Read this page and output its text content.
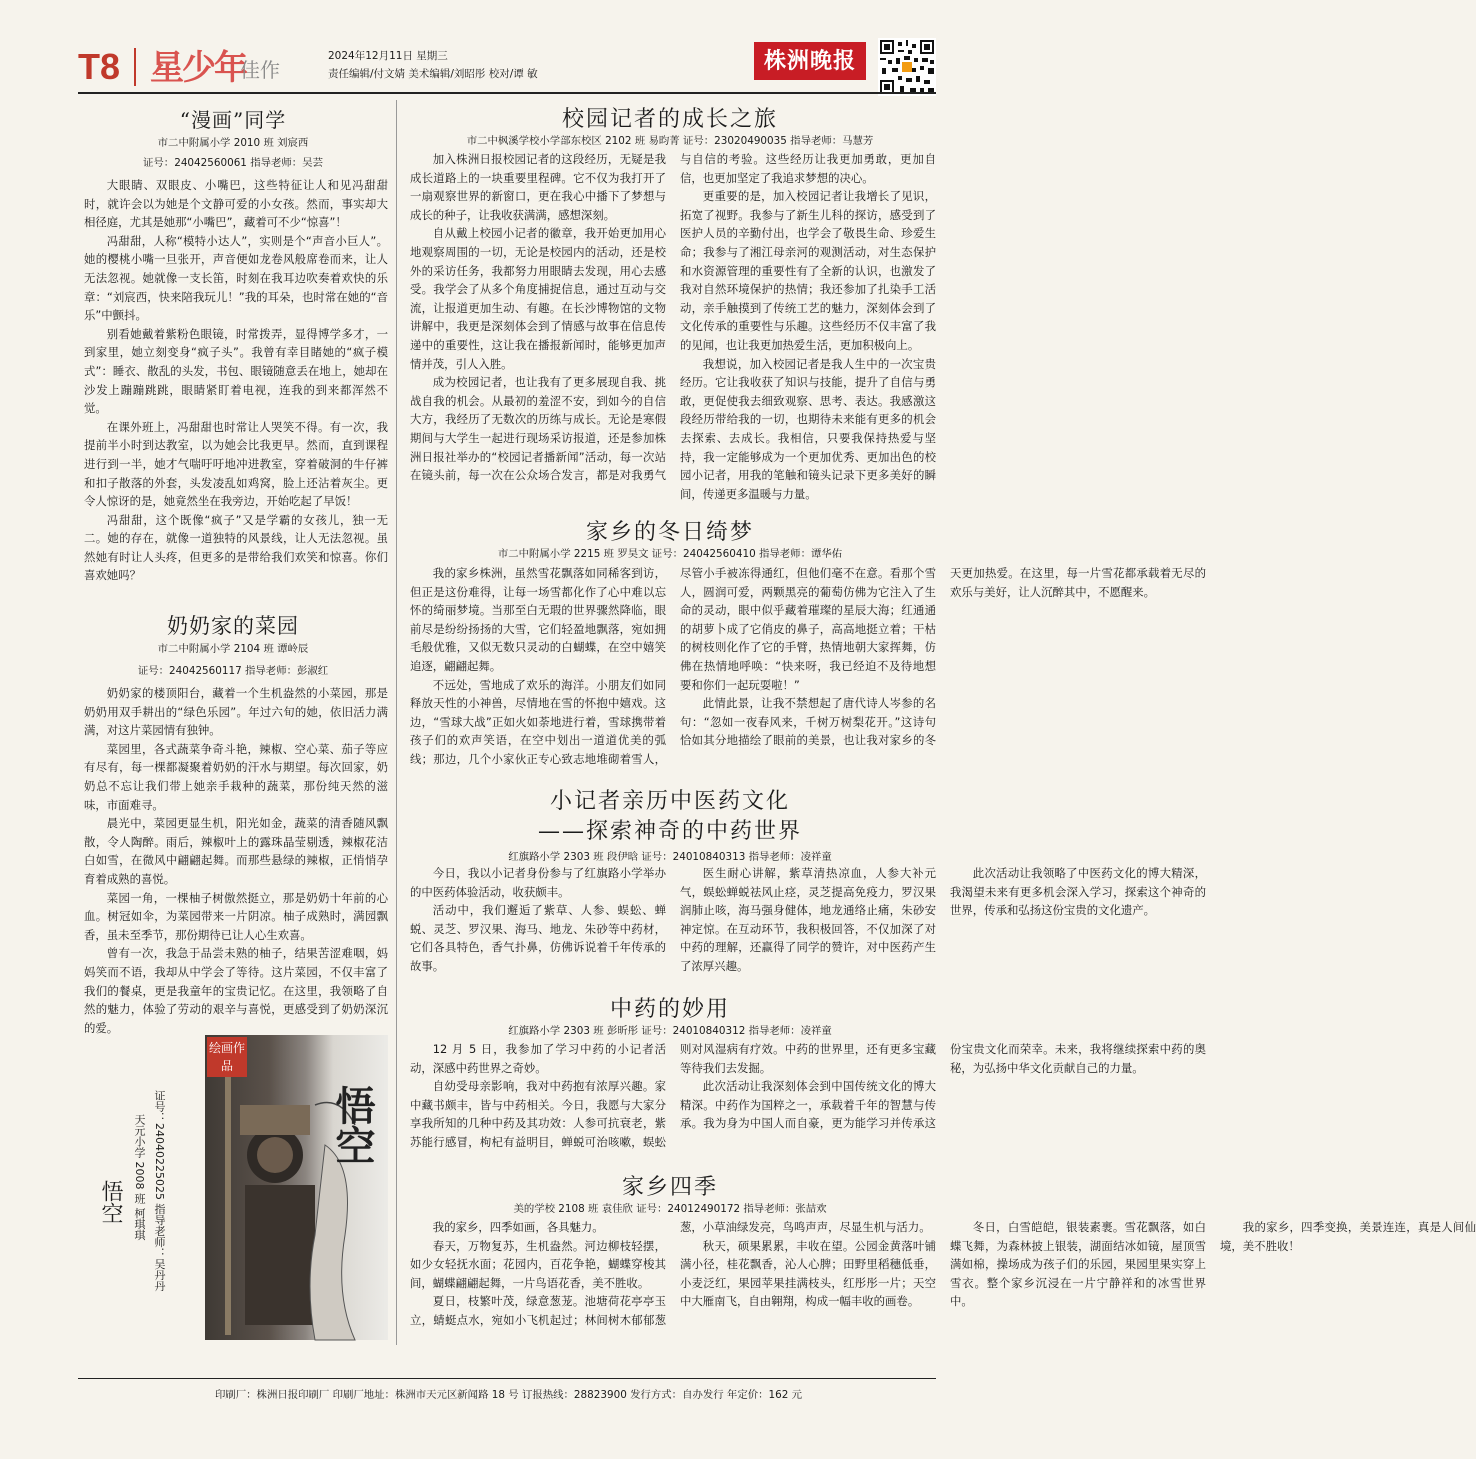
T8 星少年
佳作
2024年12月11日 星期三
责任编辑/付文婧 美术编辑/刘昭彤 校对/谭 敏	株洲晚报
“漫画”同学
市二中附属小学 2010 班 刘宸西
证号：24042560061 指导老师：吴芸

大眼睛、双眼皮、小嘴巴，这些特征让人和见冯甜甜时，就许会以为她是个文静可爱的小女孩。然而，事实却大相径庭，尤其是她那“小嘴巴”，藏着可不少“惊喜”！

冯甜甜，人称“模特小达人”，实则是个“声音小巨人”。她的樱桃小嘴一旦张开，声音便如龙卷风般席卷而来，让人无法忽视。她就像一支长笛，时刻在我耳边吹奏着欢快的乐章：“刘宸西，快来陪我玩儿！”我的耳朵，也时常在她的“音乐”中颤抖。

别看她戴着紫粉色眼镜，时常拨弄，显得博学多才，一到家里，她立刻变身“疯子头”。我曾有幸目睹她的“疯子模式”：睡衣、散乱的头发，书包、眼镜随意丢在地上，她却在沙发上蹦蹦跳跳，眼睛紧盯着电视，连我的到来都浑然不觉。

在课外班上，冯甜甜也时常让人哭笑不得。有一次，我提前半小时到达教室，以为她会比我更早。然而，直到课程进行到一半，她才气喘吁吁地冲进教室，穿着破洞的牛仔裤和扣子散落的外套，头发凌乱如鸡窝，脸上还沾着灰尘。更令人惊讶的是，她竟然坐在我旁边，开始吃起了早饭！

冯甜甜，这个既像“疯子”又是学霸的女孩儿，独一无二。她的存在，就像一道独特的风景线，让人无法忽视。虽然她有时让人头疼，但更多的是带给我们欢笑和惊喜。你们喜欢她吗？

奶奶家的菜园
市二中附属小学 2104 班 谭岭辰
证号：24042560117 指导老师：彭淑红

奶奶家的楼顶阳台，藏着一个生机盎然的小菜园，那是奶奶用双手耕出的“绿色乐园”。年过六旬的她，依旧活力满满，对这片菜园情有独钟。

菜园里，各式蔬菜争奇斗艳，辣椒、空心菜、茄子等应有尽有，每一棵都凝聚着奶奶的汗水与期望。每次回家，奶奶总不忘让我们带上她亲手栽种的蔬菜，那份纯天然的滋味，市面难寻。

晨光中，菜园更显生机，阳光如金，蔬菜的清香随风飘散，令人陶醉。雨后，辣椒叶上的露珠晶莹剔透，辣椒花洁白如雪，在微风中翩翩起舞。而那些悬绿的辣椒，正悄悄孕育着成熟的喜悦。

菜园一角，一棵柚子树傲然挺立，那是奶奶十年前的心血。树冠如伞，为菜园带来一片阴凉。柚子成熟时，满园飘香，虽未至季节，那份期待已让人心生欢喜。

曾有一次，我急于品尝未熟的柚子，结果苦涩难咽，妈妈笑而不语，我却从中学会了等待。这片菜园，不仅丰富了我们的餐桌，更是我童年的宝贵记忆。在这里，我领略了自然的魅力，体验了劳动的艰辛与喜悦，更感受到了奶奶深沉的爱。

绘画作品
悟空
证号：24040225025 指导老师：吴丹丹
天元小学 2008 班 柯琪琪
悟空
校园记者的成长之旅
市二中枫溪学校小学部东校区 2102 班 易昀菁 证号：23020490035 指导老师：马慧芳

加入株洲日报校园记者的这段经历，无疑是我成长道路上的一块重要里程碑。它不仅为我打开了一扇观察世界的新窗口，更在我心中播下了梦想与成长的种子，让我收获满满，感想深刻。

自从戴上校园小记者的徽章，我开始更加用心地观察周围的一切，无论是校园内的活动，还是校外的采访任务，我都努力用眼睛去发现，用心去感受。我学会了从多个角度捕捉信息，通过互动与交流，让报道更加生动、有趣。在长沙博物馆的文物讲解中，我更是深刻体会到了情感与故事在信息传递中的重要性，这让我在播报新闻时，能够更加声情并茂，引人入胜。

成为校园记者，也让我有了更多展现自我、挑战自我的机会。从最初的羞涩不安，到如今的自信大方，我经历了无数次的历练与成长。无论是寒假期间与大学生一起进行现场采访报道，还是参加株洲日报社举办的“校园记者播新闻”活动，每一次站在镜头前，每一次在公众场合发言，都是对我勇气与自信的考验。这些经历让我更加勇敢，更加自信，也更加坚定了我追求梦想的决心。

更重要的是，加入校园记者让我增长了见识，拓宽了视野。我参与了新生儿科的探访，感受到了医护人员的辛勤付出，也学会了敬畏生命、珍爱生命；我参与了湘江母亲河的观测活动，对生态保护和水资源管理的重要性有了全新的认识，也激发了我对自然环境保护的热情；我还参加了扎染手工活动，亲手触摸到了传统工艺的魅力，深刻体会到了文化传承的重要性与乐趣。这些经历不仅丰富了我的见闻，也让我更加热爱生活，更加积极向上。

我想说，加入校园记者是我人生中的一次宝贵经历。它让我收获了知识与技能，提升了自信与勇敢，更促使我去细致观察、思考、表达。我感激这段经历带给我的一切，也期待未来能有更多的机会去探索、去成长。我相信，只要我保持热爱与坚持，我一定能够成为一个更加优秀、更加出色的校园小记者，用我的笔触和镜头记录下更多美好的瞬间，传递更多温暖与力量。

家乡的冬日绮梦
市二中附属小学 2215 班 罗昊文 证号：24042560410 指导老师：谭华佑

我的家乡株洲，虽然雪花飘落如同稀客到访，但正是这份难得，让每一场雪都化作了心中难以忘怀的绮丽梦境。当那至白无瑕的世界骤然降临，眼前尽是纷纷扬扬的大雪，它们轻盈地飘落，宛如拥毛般优雅，又似无数只灵动的白蝴蝶，在空中嬉笑追逐，翩翩起舞。

不远处，雪地成了欢乐的海洋。小朋友们如同释放天性的小神兽，尽情地在雪的怀抱中嬉戏。这边，“雪球大战”正如火如荼地进行着，雪球携带着孩子们的欢声笑语，在空中划出一道道优美的弧线；那边，几个小家伙正专心致志地堆砌着雪人，尽管小手被冻得通红，但他们毫不在意。看那个雪人，圆润可爱，两颗黑亮的葡萄仿佛为它注入了生命的灵动，眼中似乎藏着璀璨的星辰大海；红通通的胡萝卜成了它俏皮的鼻子，高高地挺立着；干枯的树枝则化作了它的手臂，热情地朝大家挥舞，仿佛在热情地呼唤：“快来呀，我已经迫不及待地想要和你们一起玩耍啦！”

此情此景，让我不禁想起了唐代诗人岑参的名句：“忽如一夜春风来，千树万树梨花开。”这诗句恰如其分地描绘了眼前的美景，也让我对家乡的冬天更加热爱。在这里，每一片雪花都承载着无尽的欢乐与美好，让人沉醉其中，不愿醒来。

小记者亲历中医药文化
——探索神奇的中药世界
红旗路小学 2303 班 段伊晗 证号：24010840313 指导老师：凌祥童

今日，我以小记者身份参与了红旗路小学举办的中医药体验活动，收获颇丰。

活动中，我们邂逅了紫草、人参、蜈蚣、蝉蜕、灵芝、罗汉果、海马、地龙、朱砂等中药材，它们各具特色，香气扑鼻，仿佛诉说着千年传承的故事。

医生耐心讲解，紫草清热凉血，人参大补元气，蜈蚣蝉蜕祛风止痉，灵芝提高免疫力，罗汉果润肺止咳，海马强身健体，地龙通络止痛，朱砂安神定惊。在互动环节，我积极回答，不仅加深了对中药的理解，还赢得了同学的赞许，对中医药产生了浓厚兴趣。

此次活动让我领略了中医药文化的博大精深，我渴望未来有更多机会深入学习，探索这个神奇的世界，传承和弘扬这份宝贵的文化遗产。

中药的妙用
红旗路小学 2303 班 彭昕彤 证号：24010840312 指导老师：凌祥童

12 月 5 日，我参加了学习中药的小记者活动，深感中药世界之奇妙。

自幼受母亲影响，我对中药抱有浓厚兴趣。家中藏书颇丰，皆与中药相关。今日，我愿与大家分享我所知的几种中药及其功效：人参可抗衰老，紫苏能行感冒，枸杞有益明目，蝉蜕可治咳嗽，蜈蚣则对风湿病有疗效。中药的世界里，还有更多宝藏等待我们去发掘。

此次活动让我深刻体会到中国传统文化的博大精深。中药作为国粹之一，承载着千年的智慧与传承。我为身为中国人而自豪，更为能学习并传承这份宝贵文化而荣幸。未来，我将继续探索中药的奥秘，为弘扬中华文化贡献自己的力量。

家乡四季
美的学校 2108 班 袁佳欣 证号：24012490172 指导老师：张喆欢

我的家乡，四季如画，各具魅力。

春天，万物复苏，生机盎然。河边柳枝轻摆，如少女轻抚水面；花园内，百花争艳，蝴蝶穿梭其间，蝴蝶翩翩起舞，一片鸟语花香，美不胜收。

夏日，枝繁叶茂，绿意葱茏。池塘荷花亭亭玉立，蜻蜓点水，宛如小飞机起过；林间树木郁郁葱葱，小草油绿发亮，鸟鸣声声，尽显生机与活力。

秋天，硕果累累，丰收在望。公园金黄落叶铺满小径，桂花飘香，沁人心脾；田野里稻穗低垂，小麦泛红，果园苹果挂满枝头，红彤彤一片；天空中大雁南飞，自由翱翔，构成一幅丰收的画卷。

冬日，白雪皑皑，银装素裹。雪花飘落，如白蝶飞舞，为森林披上银装，湖面结冰如镜，屋顶雪满如棉，操场成为孩子们的乐园，果园里果实穿上雪衣。整个家乡沉浸在一片宁静祥和的冰雪世界中。

我的家乡，四季变换，美景连连，真是人间仙境，美不胜收！

印刷厂：株洲日报印刷厂 印刷厂地址：株洲市天元区新闻路 18 号 订报热线：28823900 发行方式：自办发行 年定价：162 元
